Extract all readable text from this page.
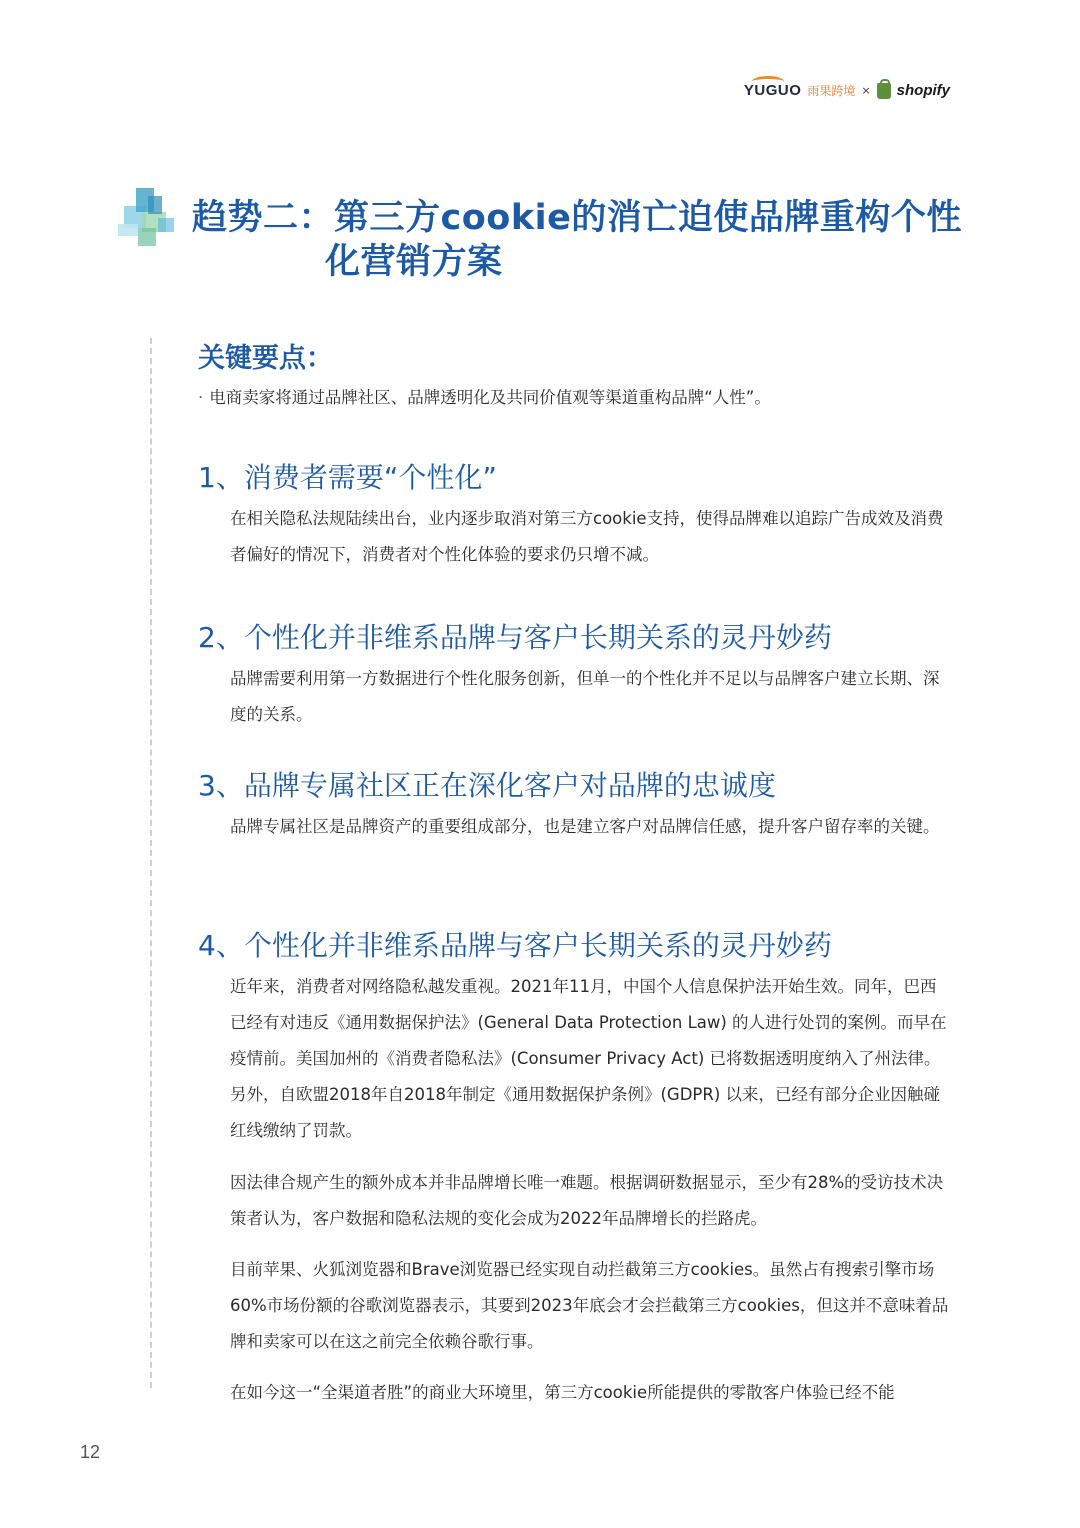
YUGUO 雨果跨境 × shopify
趋势二：第三方cookie的消亡迫使品牌重构个性
化营销方案
关键要点：
· 电商卖家将通过品牌社区、品牌透明化及共同价值观等渠道重构品牌“人性”。
1、消费者需要“个性化”

在相关隐私法规陆续出台，业内逐步取消对第三方cookie支持，使得品牌难以追踪广告成效及消费者偏好的情况下，消费者对个性化体验的要求仍只增不减。

2、个性化并非维系品牌与客户长期关系的灵丹妙药

品牌需要利用第一方数据进行个性化服务创新，但单一的个性化并不足以与品牌客户建立长期、深度的关系。

3、品牌专属社区正在深化客户对品牌的忠诚度

品牌专属社区是品牌资产的重要组成部分，也是建立客户对品牌信任感，提升客户留存率的关键。

4、个性化并非维系品牌与客户长期关系的灵丹妙药

近年来，消费者对网络隐私越发重视。2021年11月，中国个人信息保护法开始生效。同年，巴西已经有对违反《通用数据保护法》(General Data Protection Law) 的人进行处罚的案例。而早在疫情前。美国加州的《消费者隐私法》(Consumer Privacy Act) 已将数据透明度纳入了州法律。另外，自欧盟2018年自2018年制定《通用数据保护条例》(GDPR) 以来，已经有部分企业因触碰红线缴纳了罚款。

因法律合规产生的额外成本并非品牌增长唯一难题。根据调研数据显示，至少有28%的受访技术决策者认为，客户数据和隐私法规的变化会成为2022年品牌增长的拦路虎。

目前苹果、火狐浏览器和Brave浏览器已经实现自动拦截第三方cookies。虽然占有搜索引擎市场60%市场份额的谷歌浏览器表示，其要到2023年底会才会拦截第三方cookies，但这并不意味着品牌和卖家可以在这之前完全依赖谷歌行事。

在如今这一“全渠道者胜”的商业大环境里，第三方cookie所能提供的零散客户体验已经不能

12
